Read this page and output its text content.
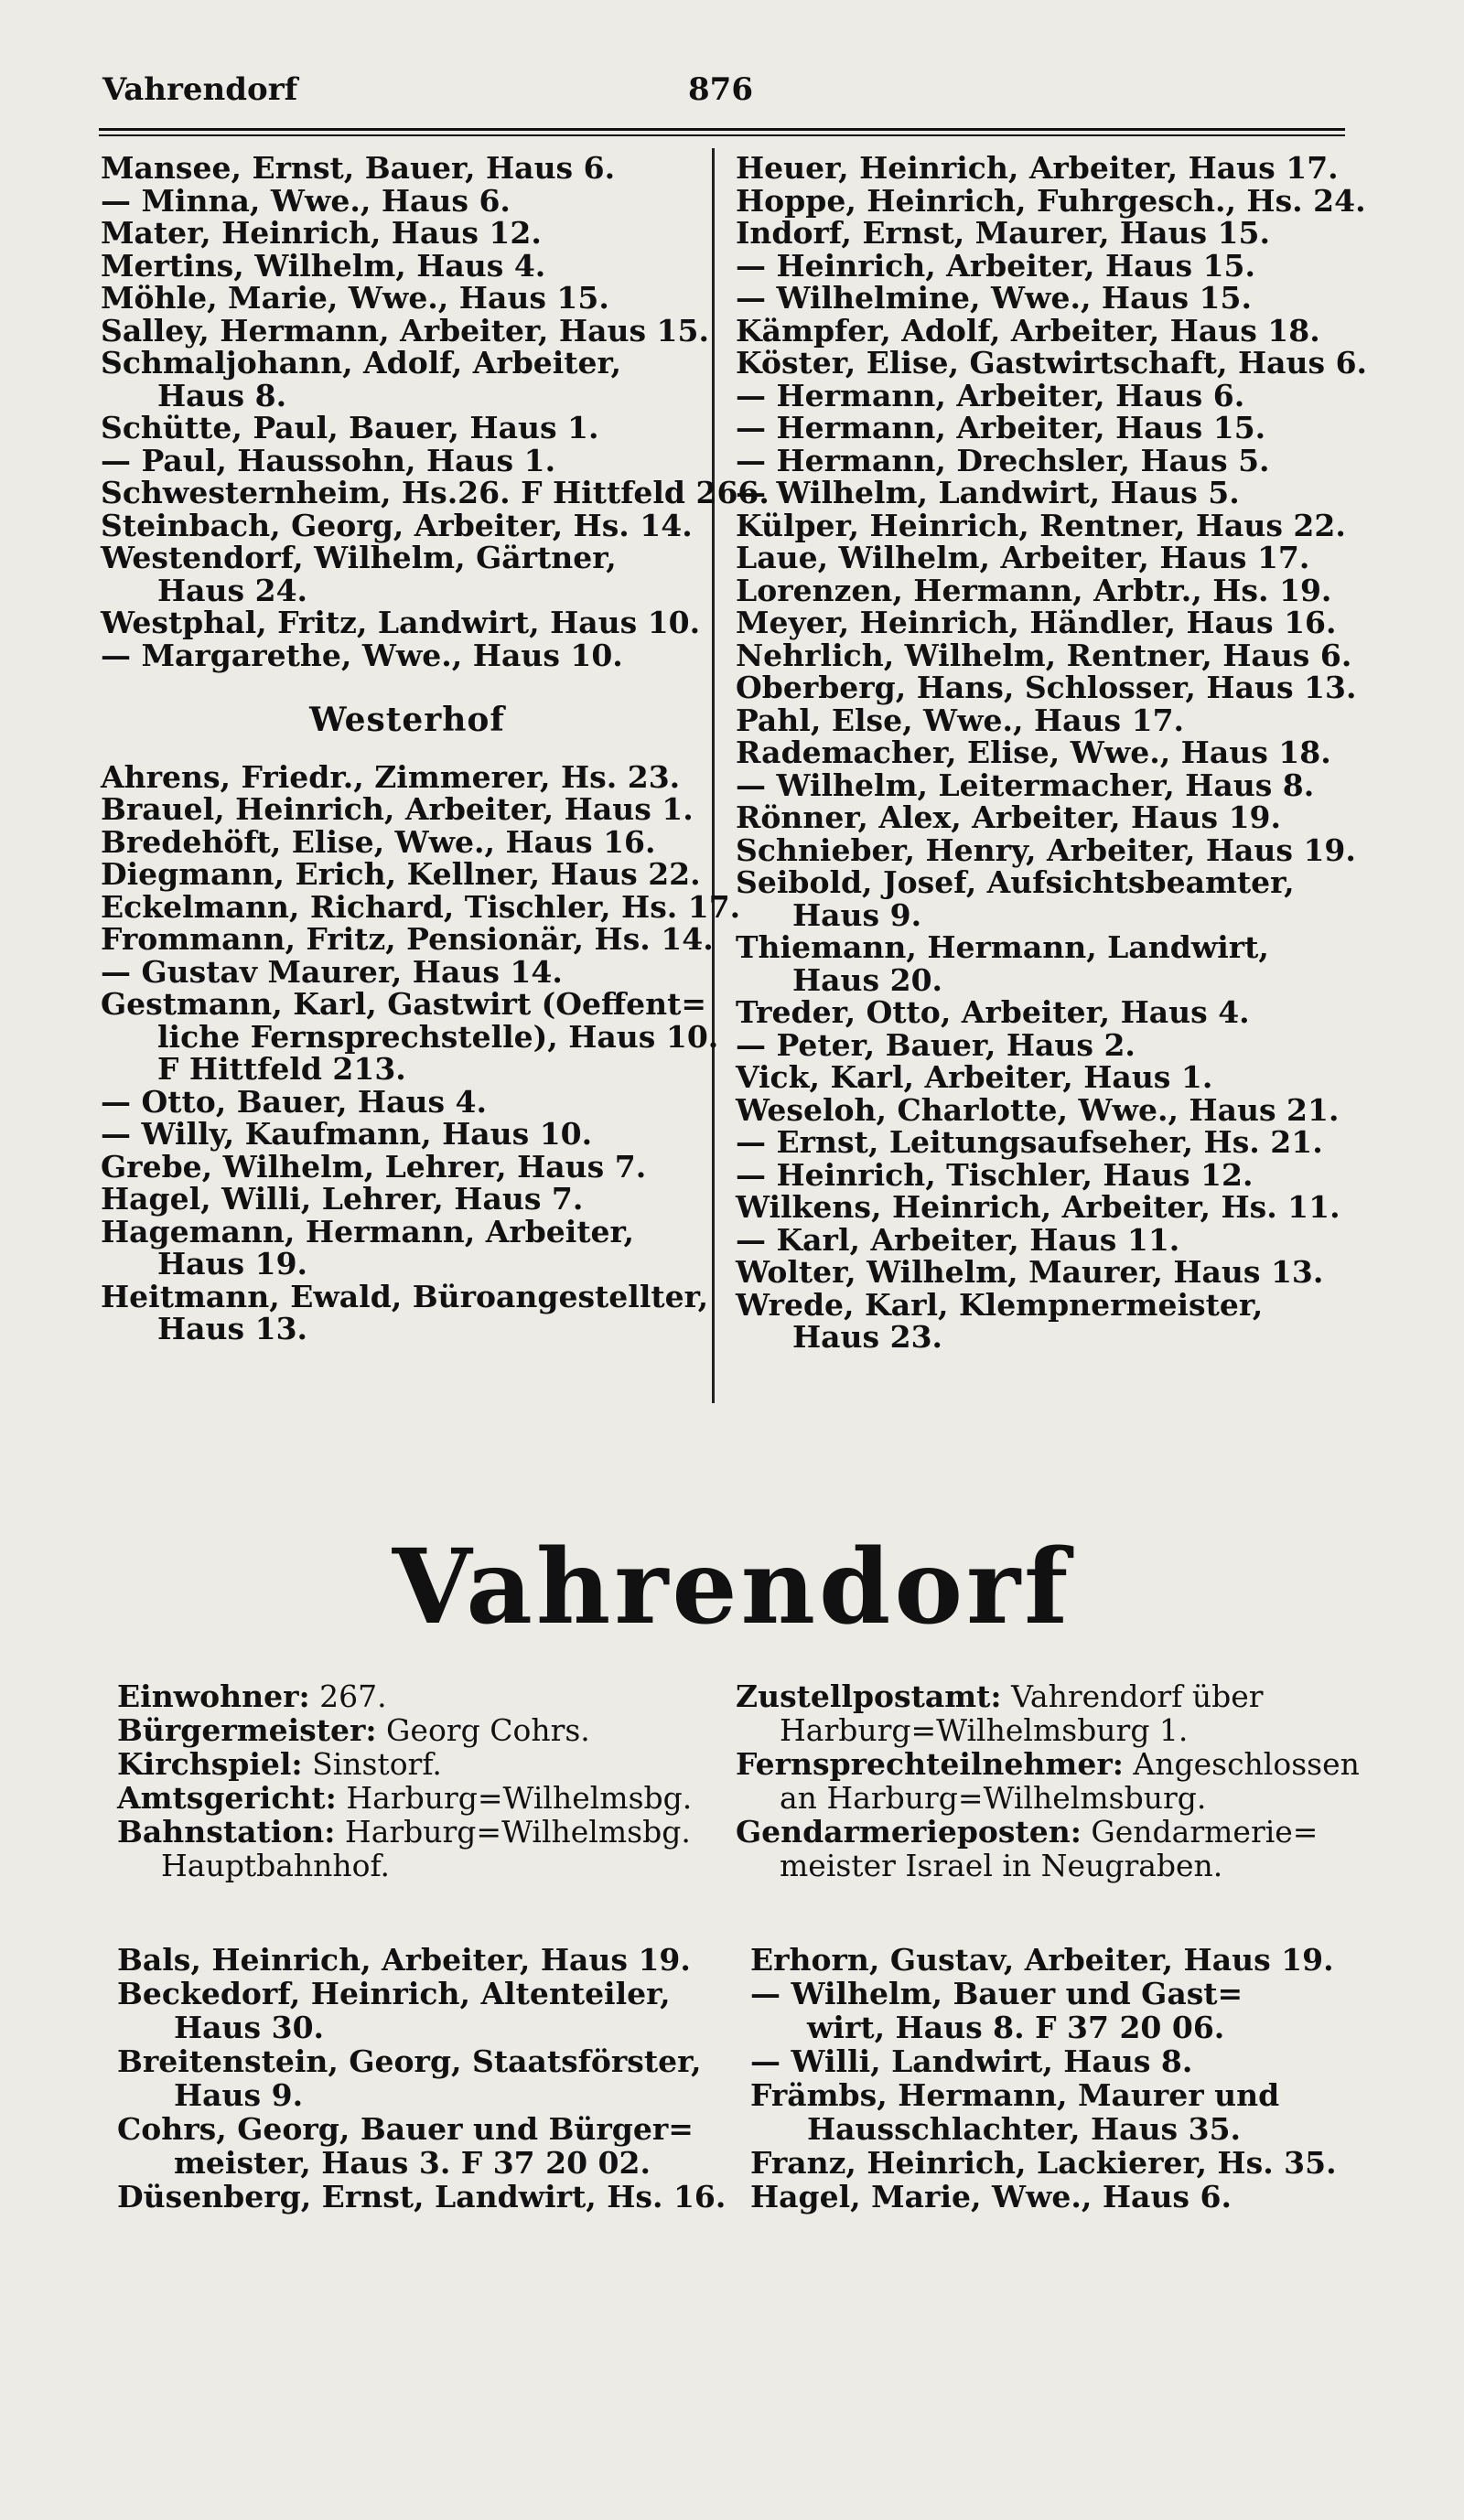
Vahrendorf	876
Mansee, Ernst, Bauer, Haus 6.
— Minna, Wwe., Haus 6.
Mater, Heinrich, Haus 12.
Mertins, Wilhelm, Haus 4.
Möhle, Marie, Wwe., Haus 15.
Salley, Hermann, Arbeiter, Haus 15.
Schmaljohann, Adolf, Arbeiter,
Haus 8.
Schütte, Paul, Bauer, Haus 1.
— Paul, Haussohn, Haus 1.
Schwesternheim, Hs.26. F Hittfeld 266.
Steinbach, Georg, Arbeiter, Hs. 14.
Westendorf, Wilhelm, Gärtner,
Haus 24.
Westphal, Fritz, Landwirt, Haus 10.
— Margarethe, Wwe., Haus 10.
Westerhof
Ahrens, Friedr., Zimmerer, Hs. 23.
Brauel, Heinrich, Arbeiter, Haus 1.
Bredehöft, Elise, Wwe., Haus 16.
Diegmann, Erich, Kellner, Haus 22.
Eckelmann, Richard, Tischler, Hs. 17.
Frommann, Fritz, Pensionär, Hs. 14.
— Gustav Maurer, Haus 14.
Gestmann, Karl, Gastwirt (Oeffent=
liche Fernsprechstelle), Haus 10.
F Hittfeld 213.
— Otto, Bauer, Haus 4.
— Willy, Kaufmann, Haus 10.
Grebe, Wilhelm, Lehrer, Haus 7.
Hagel, Willi, Lehrer, Haus 7.
Hagemann, Hermann, Arbeiter,
Haus 19.
Heitmann, Ewald, Büroangestellter,
Haus 13.
Heuer, Heinrich, Arbeiter, Haus 17.
Hoppe, Heinrich, Fuhrgesch., Hs. 24.
Indorf, Ernst, Maurer, Haus 15.
— Heinrich, Arbeiter, Haus 15.
— Wilhelmine, Wwe., Haus 15.
Kämpfer, Adolf, Arbeiter, Haus 18.
Köster, Elise, Gastwirtschaft, Haus 6.
— Hermann, Arbeiter, Haus 6.
— Hermann, Arbeiter, Haus 15.
— Hermann, Drechsler, Haus 5.
— Wilhelm, Landwirt, Haus 5.
Külper, Heinrich, Rentner, Haus 22.
Laue, Wilhelm, Arbeiter, Haus 17.
Lorenzen, Hermann, Arbtr., Hs. 19.
Meyer, Heinrich, Händler, Haus 16.
Nehrlich, Wilhelm, Rentner, Haus 6.
Oberberg, Hans, Schlosser, Haus 13.
Pahl, Else, Wwe., Haus 17.
Rademacher, Elise, Wwe., Haus 18.
— Wilhelm, Leitermacher, Haus 8.
Rönner, Alex, Arbeiter, Haus 19.
Schnieber, Henry, Arbeiter, Haus 19.
Seibold, Josef, Aufsichtsbeamter,
Haus 9.
Thiemann, Hermann, Landwirt,
Haus 20.
Treder, Otto, Arbeiter, Haus 4.
— Peter, Bauer, Haus 2.
Vick, Karl, Arbeiter, Haus 1.
Weseloh, Charlotte, Wwe., Haus 21.
— Ernst, Leitungsaufseher, Hs. 21.
— Heinrich, Tischler, Haus 12.
Wilkens, Heinrich, Arbeiter, Hs. 11.
— Karl, Arbeiter, Haus 11.
Wolter, Wilhelm, Maurer, Haus 13.
Wrede, Karl, Klempnermeister,
Haus 23.
Vahrendorf
Einwohner: 267.
Bürgermeister: Georg Cohrs.
Kirchspiel: Sinstorf.
Amtsgericht: Harburg=Wilhelmsbg.
Bahnstation: Harburg=Wilhelmsbg.
Hauptbahnhof.
Zustellpostamt: Vahrendorf über
Harburg=Wilhelmsburg 1.
Fernsprechteilnehmer: Angeschlossen
an Harburg=Wilhelmsburg.
Gendarmerieposten: Gendarmerie=
meister Israel in Neugraben.
Bals, Heinrich, Arbeiter, Haus 19.
Beckedorf, Heinrich, Altenteiler,
Haus 30.
Breitenstein, Georg, Staatsförster,
Haus 9.
Cohrs, Georg, Bauer und Bürger=
meister, Haus 3. F 37 20 02.
Düsenberg, Ernst, Landwirt, Hs. 16.
Erhorn, Gustav, Arbeiter, Haus 19.
— Wilhelm, Bauer und Gast=
wirt, Haus 8. F 37 20 06.
— Willi, Landwirt, Haus 8.
Främbs, Hermann, Maurer und
Hausschlachter, Haus 35.
Franz, Heinrich, Lackierer, Hs. 35.
Hagel, Marie, Wwe., Haus 6.
